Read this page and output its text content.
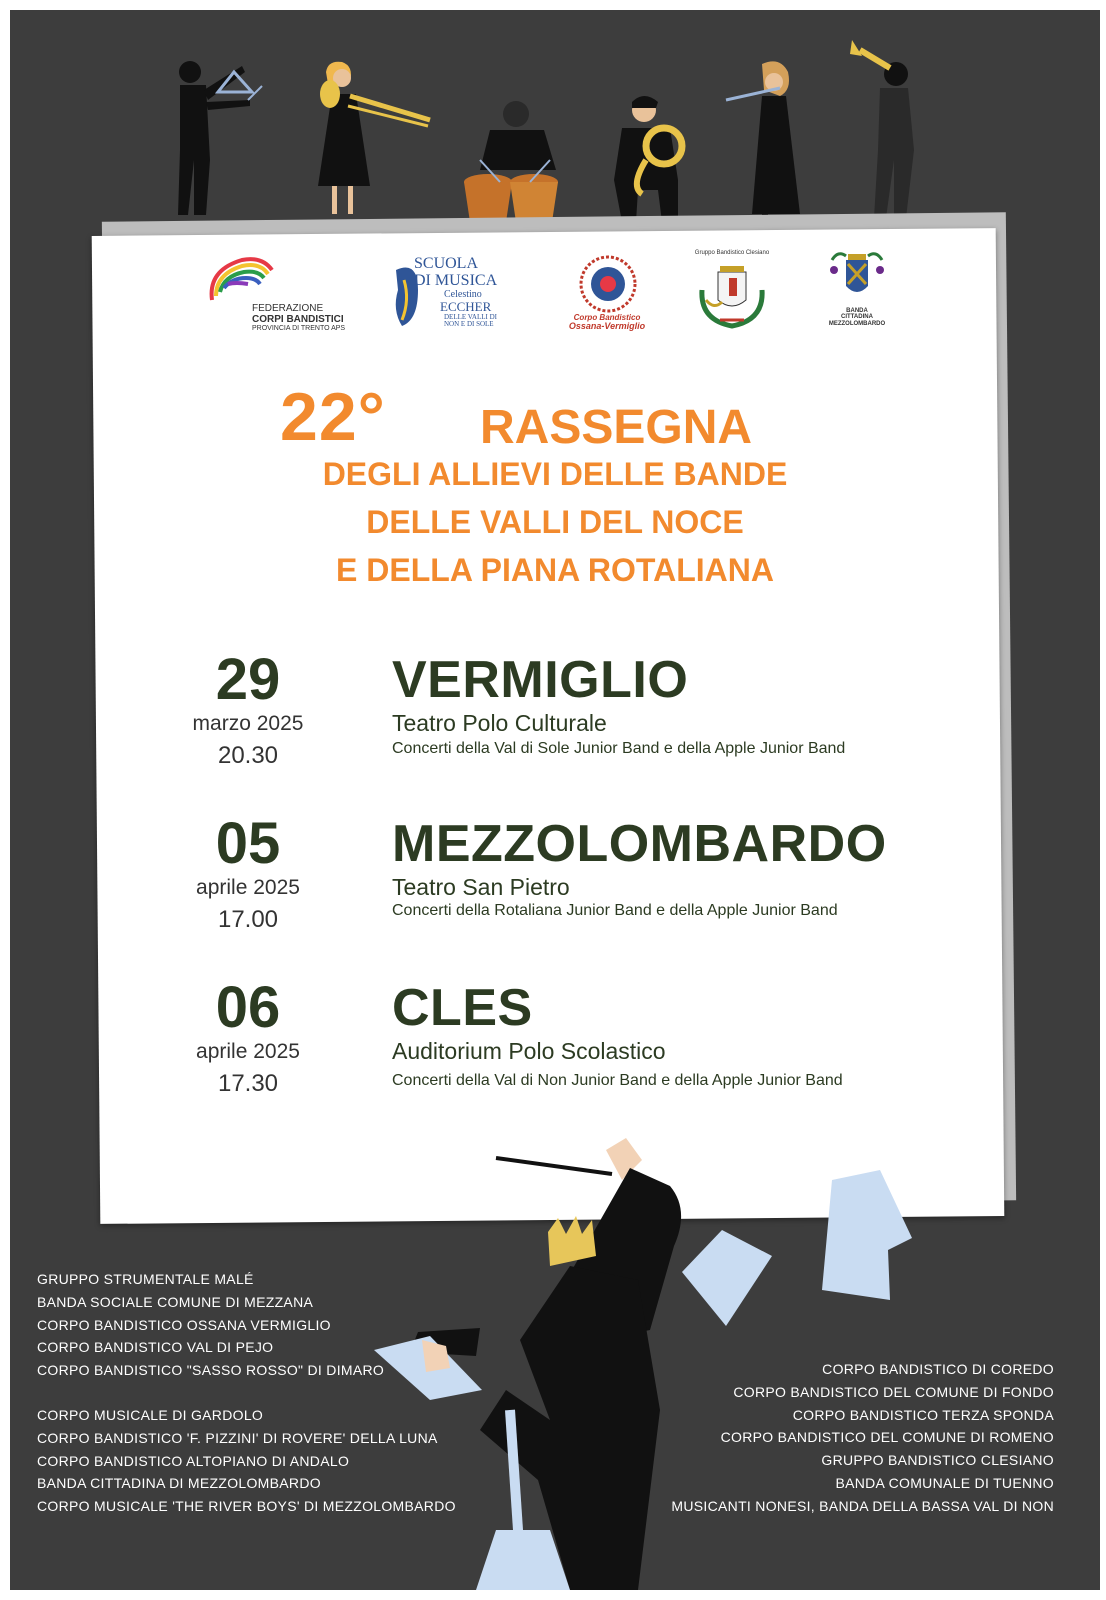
FEDERAZIONE
CORPI BANDISTICI
PROVINCIA DI TRENTO APS
SCUOLA
DI MUSICA
Celestino
ECCHER
DELLE VALLI DI NON E DI SOLE
Corpo Bandistico
Ossana-Vermiglio
Gruppo Bandistico Clesiano
BANDA
CITTADINA
MEZZOLOMBARDO
22° RASSEGNA
DEGLI ALLIEVI DELLE BANDE
DELLE VALLI DEL NOCE
E DELLA PIANA ROTALIANA
29
marzo 2025
20.30
VERMIGLIO
Teatro Polo Culturale
Concerti della Val di Sole Junior Band e della Apple Junior Band
05
aprile 2025
17.00
MEZZOLOMBARDO
Teatro San Pietro
Concerti della Rotaliana Junior Band e della Apple Junior Band
06
aprile 2025
17.30
CLES
Auditorium Polo Scolastico
Concerti della Val di Non Junior Band e della Apple Junior Band
GRUPPO STRUMENTALE MALÉ
BANDA SOCIALE COMUNE DI MEZZANA
CORPO BANDISTICO OSSANA VERMIGLIO
CORPO BANDISTICO VAL DI PEJO
CORPO BANDISTICO "SASSO ROSSO" DI DIMARO
CORPO MUSICALE DI GARDOLO
CORPO BANDISTICO 'F. PIZZINI' DI ROVERE' DELLA LUNA
CORPO BANDISTICO ALTOPIANO DI ANDALO
BANDA CITTADINA DI MEZZOLOMBARDO
CORPO MUSICALE 'THE RIVER BOYS' DI MEZZOLOMBARDO
CORPO BANDISTICO DI COREDO
CORPO BANDISTICO DEL COMUNE DI FONDO
CORPO BANDISTICO TERZA SPONDA
CORPO BANDISTICO DEL COMUNE DI ROMENO
GRUPPO BANDISTICO CLESIANO
BANDA COMUNALE DI TUENNO
MUSICANTI NONESI, BANDA DELLA BASSA VAL DI NON
